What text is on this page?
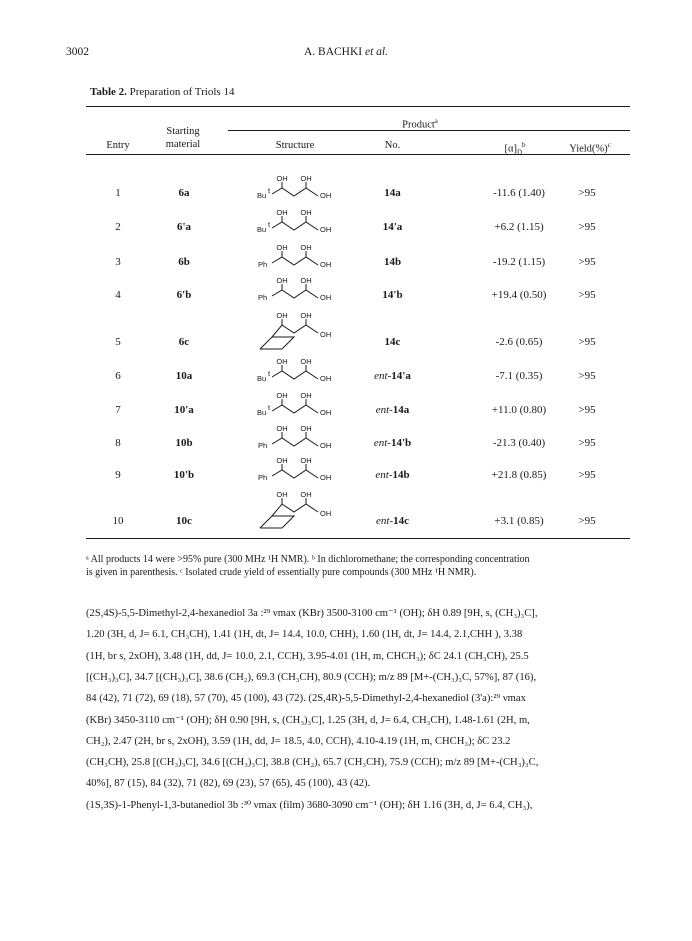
3002	A. BACHKI et al.
Table 2. Preparation of Triols 14
Entry
Starting
material
Product$^a$
Structure	No.	$[\alpha]_D^b$	Yield(%)$^c$
1	6a	14a	-11.6 (1.40)	>95
OH OH
OH
Bu
t
2	6'a	14'a	+6.2 (1.15)	>95
OH OH
OH
Bu
t
3	6b	14b	-19.2 (1.15)	>95
OH OH
OH
Ph
4	6'b	14'b	+19.4 (0.50)	>95
OH OH
OH
Ph
5	6c	14c	-2.6 (0.65)	>95
OH OH
OH
6	10a	ent-14'a	-7.1 (0.35)	>95
OH OH
OH
Bu
t
7	10'a	ent-14a	+11.0 (0.80)	>95
OH OH
OH
Bu
t
8	10b	ent-14'b	-21.3 (0.40)	>95
OH OH
OH
Ph
9	10'b	ent-14b	+21.8 (0.85)	>95
OH OH
OH
Ph
10	10c	ent-14c	+3.1 (0.85)	>95
OH OH
OH
ᵃ All products 14 were >95% pure (300 MHz ¹H NMR). ᵇ In dichloromethane; the corresponding concentration
is given in parenthesis. ᶜ Isolated crude yield of essentially pure compounds (300 MHz ¹H NMR).
(2S,4S)-5,5-Dimethyl-2,4-hexanediol 3a :²⁹ νmax (KBr) 3500-3100 cm⁻¹ (OH); δH 0.89 [9H, s, (CH₃)₃C],
1.20 (3H, d, J= 6.1, CH₃CH), 1.41 (1H, dt, J= 14.4, 10.0, CHH), 1.60 (1H, dt, J= 14.4, 2.1,CHH ), 3.38
(1H, br s, 2xOH), 3.48 (1H, dd, J= 10.0, 2.1, CCH), 3.95-4.01 (1H, m, CHCH₃); δC 24.1 (CH₃CH), 25.5
[(CH₃)₃C], 34.7 [(CH₃)₃C], 38.6 (CH₂), 69.3 (CH₃CH), 80.9 (CCH); m/z 89 [M+-(CH₃)₃C, 57%], 87 (16),
84 (42), 71 (72), 69 (18), 57 (70), 45 (100), 43 (72). (2S,4R)-5,5-Dimethyl-2,4-hexanediol (3'a):²⁹ νmax
(KBr) 3450-3110 cm⁻¹ (OH); δH 0.90 [9H, s, (CH₃)₃C], 1.25 (3H, d, J= 6.4, CH₃CH), 1.48-1.61 (2H, m,
CH₂), 2.47 (2H, br s, 2xOH), 3.59 (1H, dd, J= 18.5, 4.0, CCH), 4.10-4.19 (1H, m, CHCH₃); δC 23.2
(CH₃CH), 25.8 [(CH₃)₃C], 34.6 [(CH₃)₃C], 38.8 (CH₂), 65.7 (CH₃CH), 75.9 (CCH); m/z 89 [M+-(CH₃)₃C,
40%], 87 (15), 84 (32), 71 (82), 69 (23), 57 (65), 45 (100), 43 (42).
(1S,3S)-1-Phenyl-1,3-butanediol 3b :³⁰ νmax (film) 3680-3090 cm⁻¹ (OH); δH 1.16 (3H, d, J= 6.4, CH₃),
